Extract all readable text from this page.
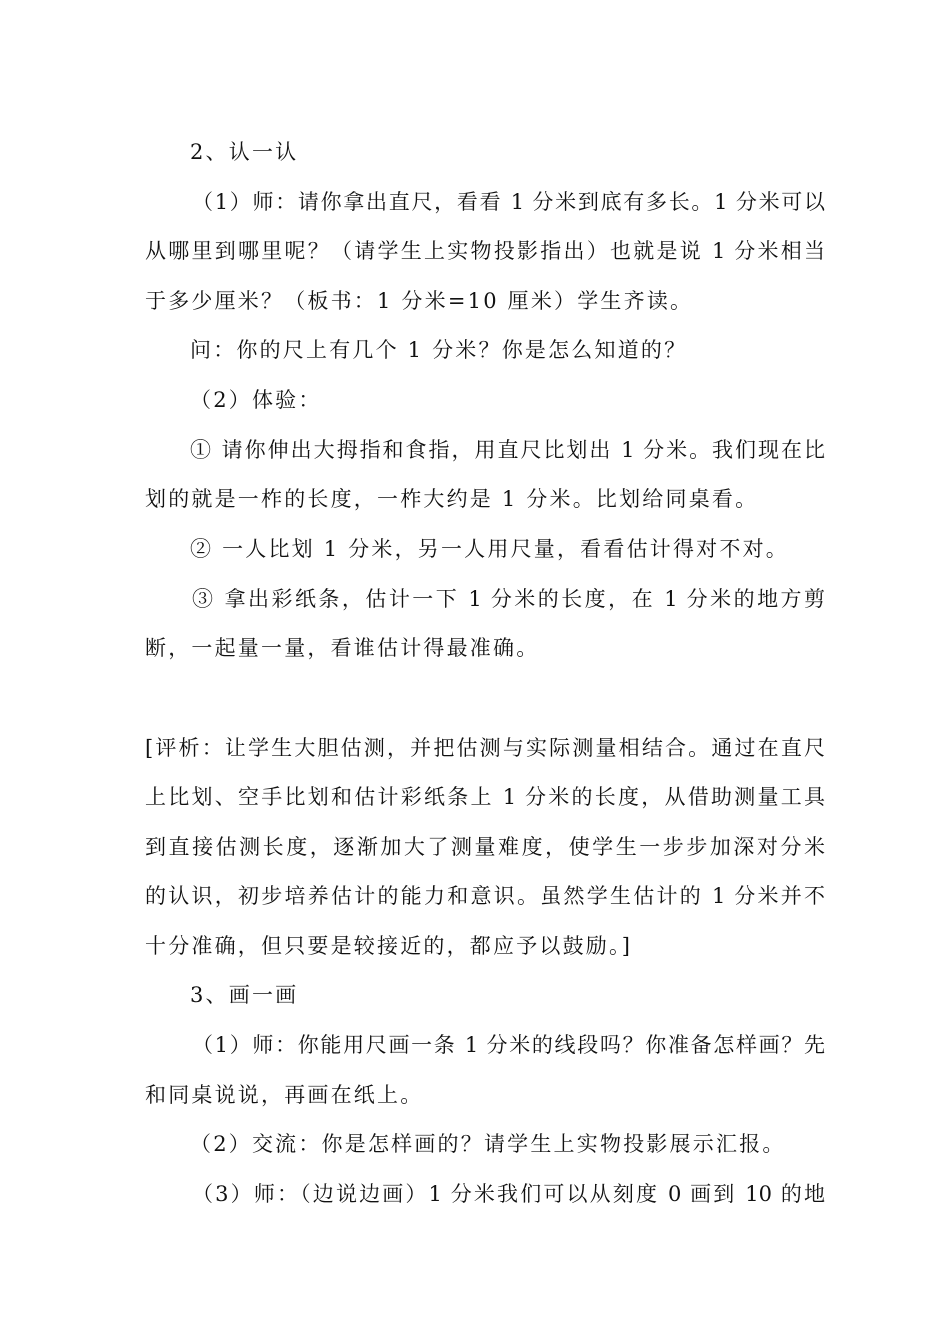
2、认一认
（1）师：请你拿出直尺，看看 1 分米到底有多长。1 分米可以
从哪里到哪里呢？（请学生上实物投影指出）也就是说 1 分米相当
于多少厘米？（板书：1 分米=10 厘米）学生齐读。
问：你的尺上有几个 1 分米？你是怎么知道的？
（2）体验：
① 请你伸出大拇指和食指，用直尺比划出 1 分米。我们现在比
划的就是一柞的长度，一柞大约是 1 分米。比划给同桌看。
② 一人比划 1 分米，另一人用尺量，看看估计得对不对。
③ 拿出彩纸条，估计一下 1 分米的长度，在 1 分米的地方剪
断，一起量一量，看谁估计得最准确。
[评析：让学生大胆估测，并把估测与实际测量相结合。通过在直尺
上比划、空手比划和估计彩纸条上 1 分米的长度，从借助测量工具
到直接估测长度，逐渐加大了测量难度，使学生一步步加深对分米
的认识，初步培养估计的能力和意识。虽然学生估计的 1 分米并不
十分准确，但只要是较接近的，都应予以鼓励。]
3、画一画
（1）师：你能用尺画一条 1 分米的线段吗？你准备怎样画？先
和同桌说说，再画在纸上。
（2）交流：你是怎样画的？请学生上实物投影展示汇报。
（3）师：（边说边画）1 分米我们可以从刻度 0 画到 10 的地
